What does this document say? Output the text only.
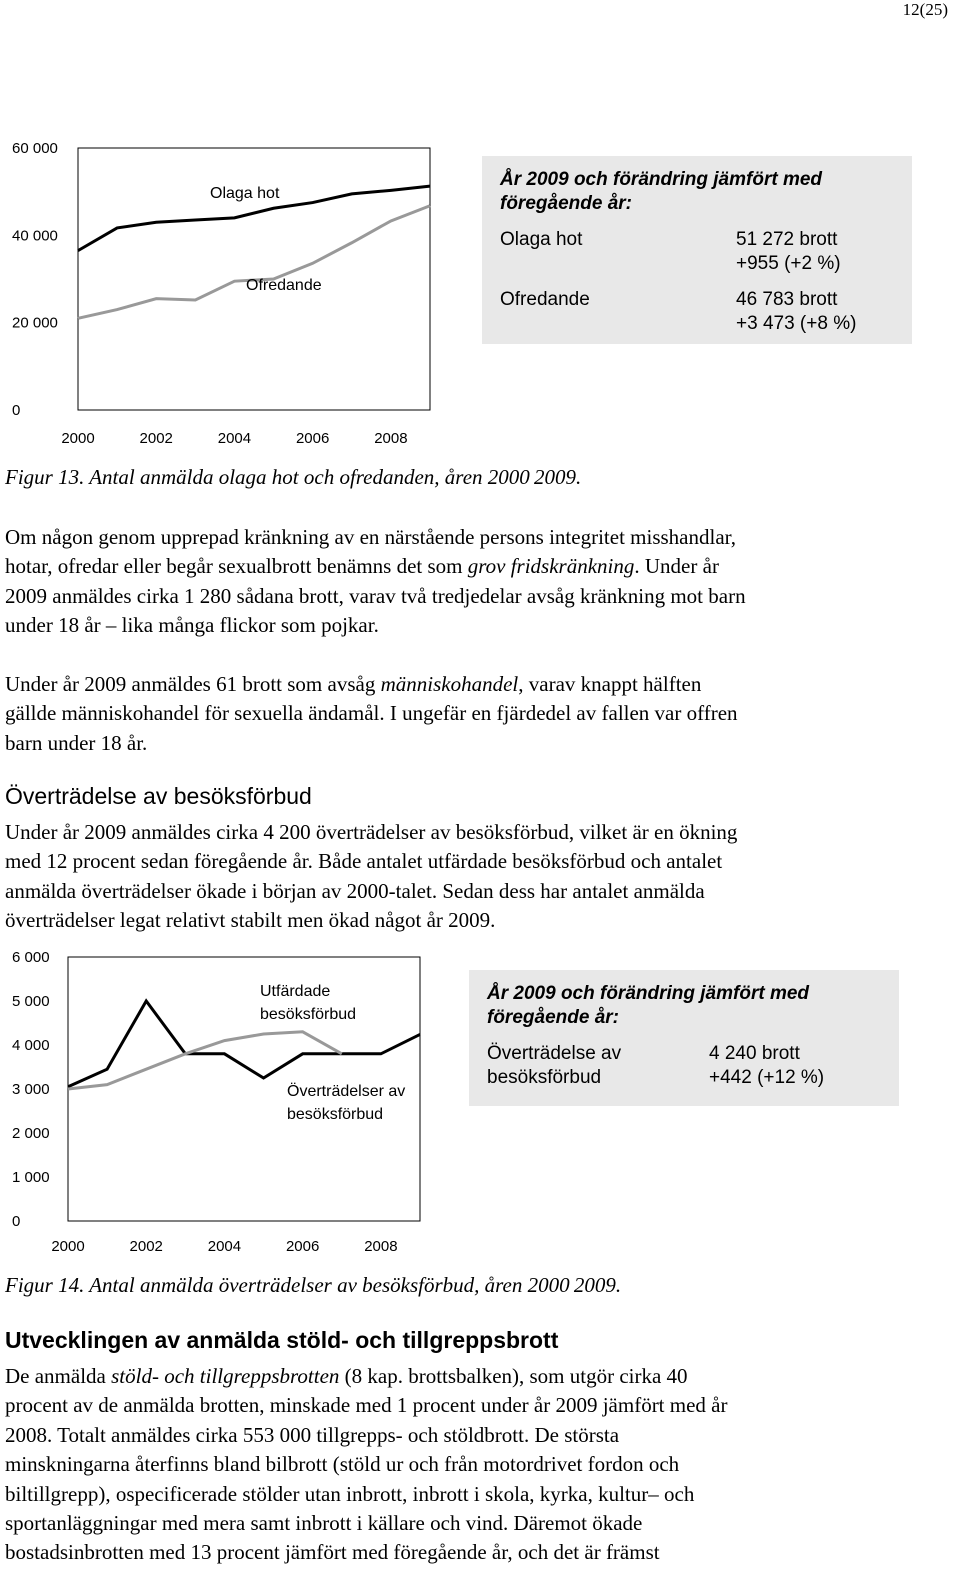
12(25)
60 000
40 000
20 000
0
2000	2002	2004	2006	2008
Olaga hot
Ofredande
År 2009 och förändring jämfört med
föregående år:
Olaga hot	51 272 brott
+955 (+2 %)
Ofredande	46 783 brott
+3 473 (+8 %)
Figur 13. Antal anmälda olaga hot och ofredanden, åren 2000 2009.
Om någon genom upprepad kränkning av en närstående persons integritet misshandlar,
hotar, ofredar eller begår sexualbrott benämns det som grov fridskränkning. Under år
2009 anmäldes cirka 1 280 sådana brott, varav två tredjedelar avsåg kränkning mot barn
under 18 år – lika många flickor som pojkar.
Under år 2009 anmäldes 61 brott som avsåg människohandel, varav knappt hälften
gällde människohandel för sexuella ändamål. I ungefär en fjärdedel av fallen var offren
barn under 18 år.
Överträdelse av besöksförbud
Under år 2009 anmäldes cirka 4 200 överträdelser av besöksförbud, vilket är en ökning
med 12 procent sedan föregående år. Både antalet utfärdade besöksförbud och antalet
anmälda överträdelser ökade i början av 2000-talet. Sedan dess har antalet anmälda
överträdelser legat relativt stabilt men ökad något år 2009.
6 000
5 000
4 000
3 000
2 000
1 000
0
2000	2002	2004	2006	2008
Överträdelser av besöksförbud
Utfärdade besöksförbud
År 2009 och förändring jämfört med
föregående år:
Överträdelse av
besöksförbud
4 240 brott
+442 (+12 %)
Figur 14. Antal anmälda överträdelser av besöksförbud, åren 2000 2009.
Utvecklingen av anmälda stöld- och tillgreppsbrott
De anmälda stöld- och tillgreppsbrotten (8 kap. brottsbalken), som utgör cirka 40
procent av de anmälda brotten, minskade med 1 procent under år 2009 jämfört med år
2008. Totalt anmäldes cirka 553 000 tillgrepps- och stöldbrott. De största
minskningarna återfinns bland bilbrott (stöld ur och från motordrivet fordon och
biltillgrepp), ospecificerade stölder utan inbrott, inbrott i skola, kyrka, kultur– och
sportanläggningar med mera samt inbrott i källare och vind. Däremot ökade
bostadsinbrotten med 13 procent jämfört med föregående år, och det är främst
